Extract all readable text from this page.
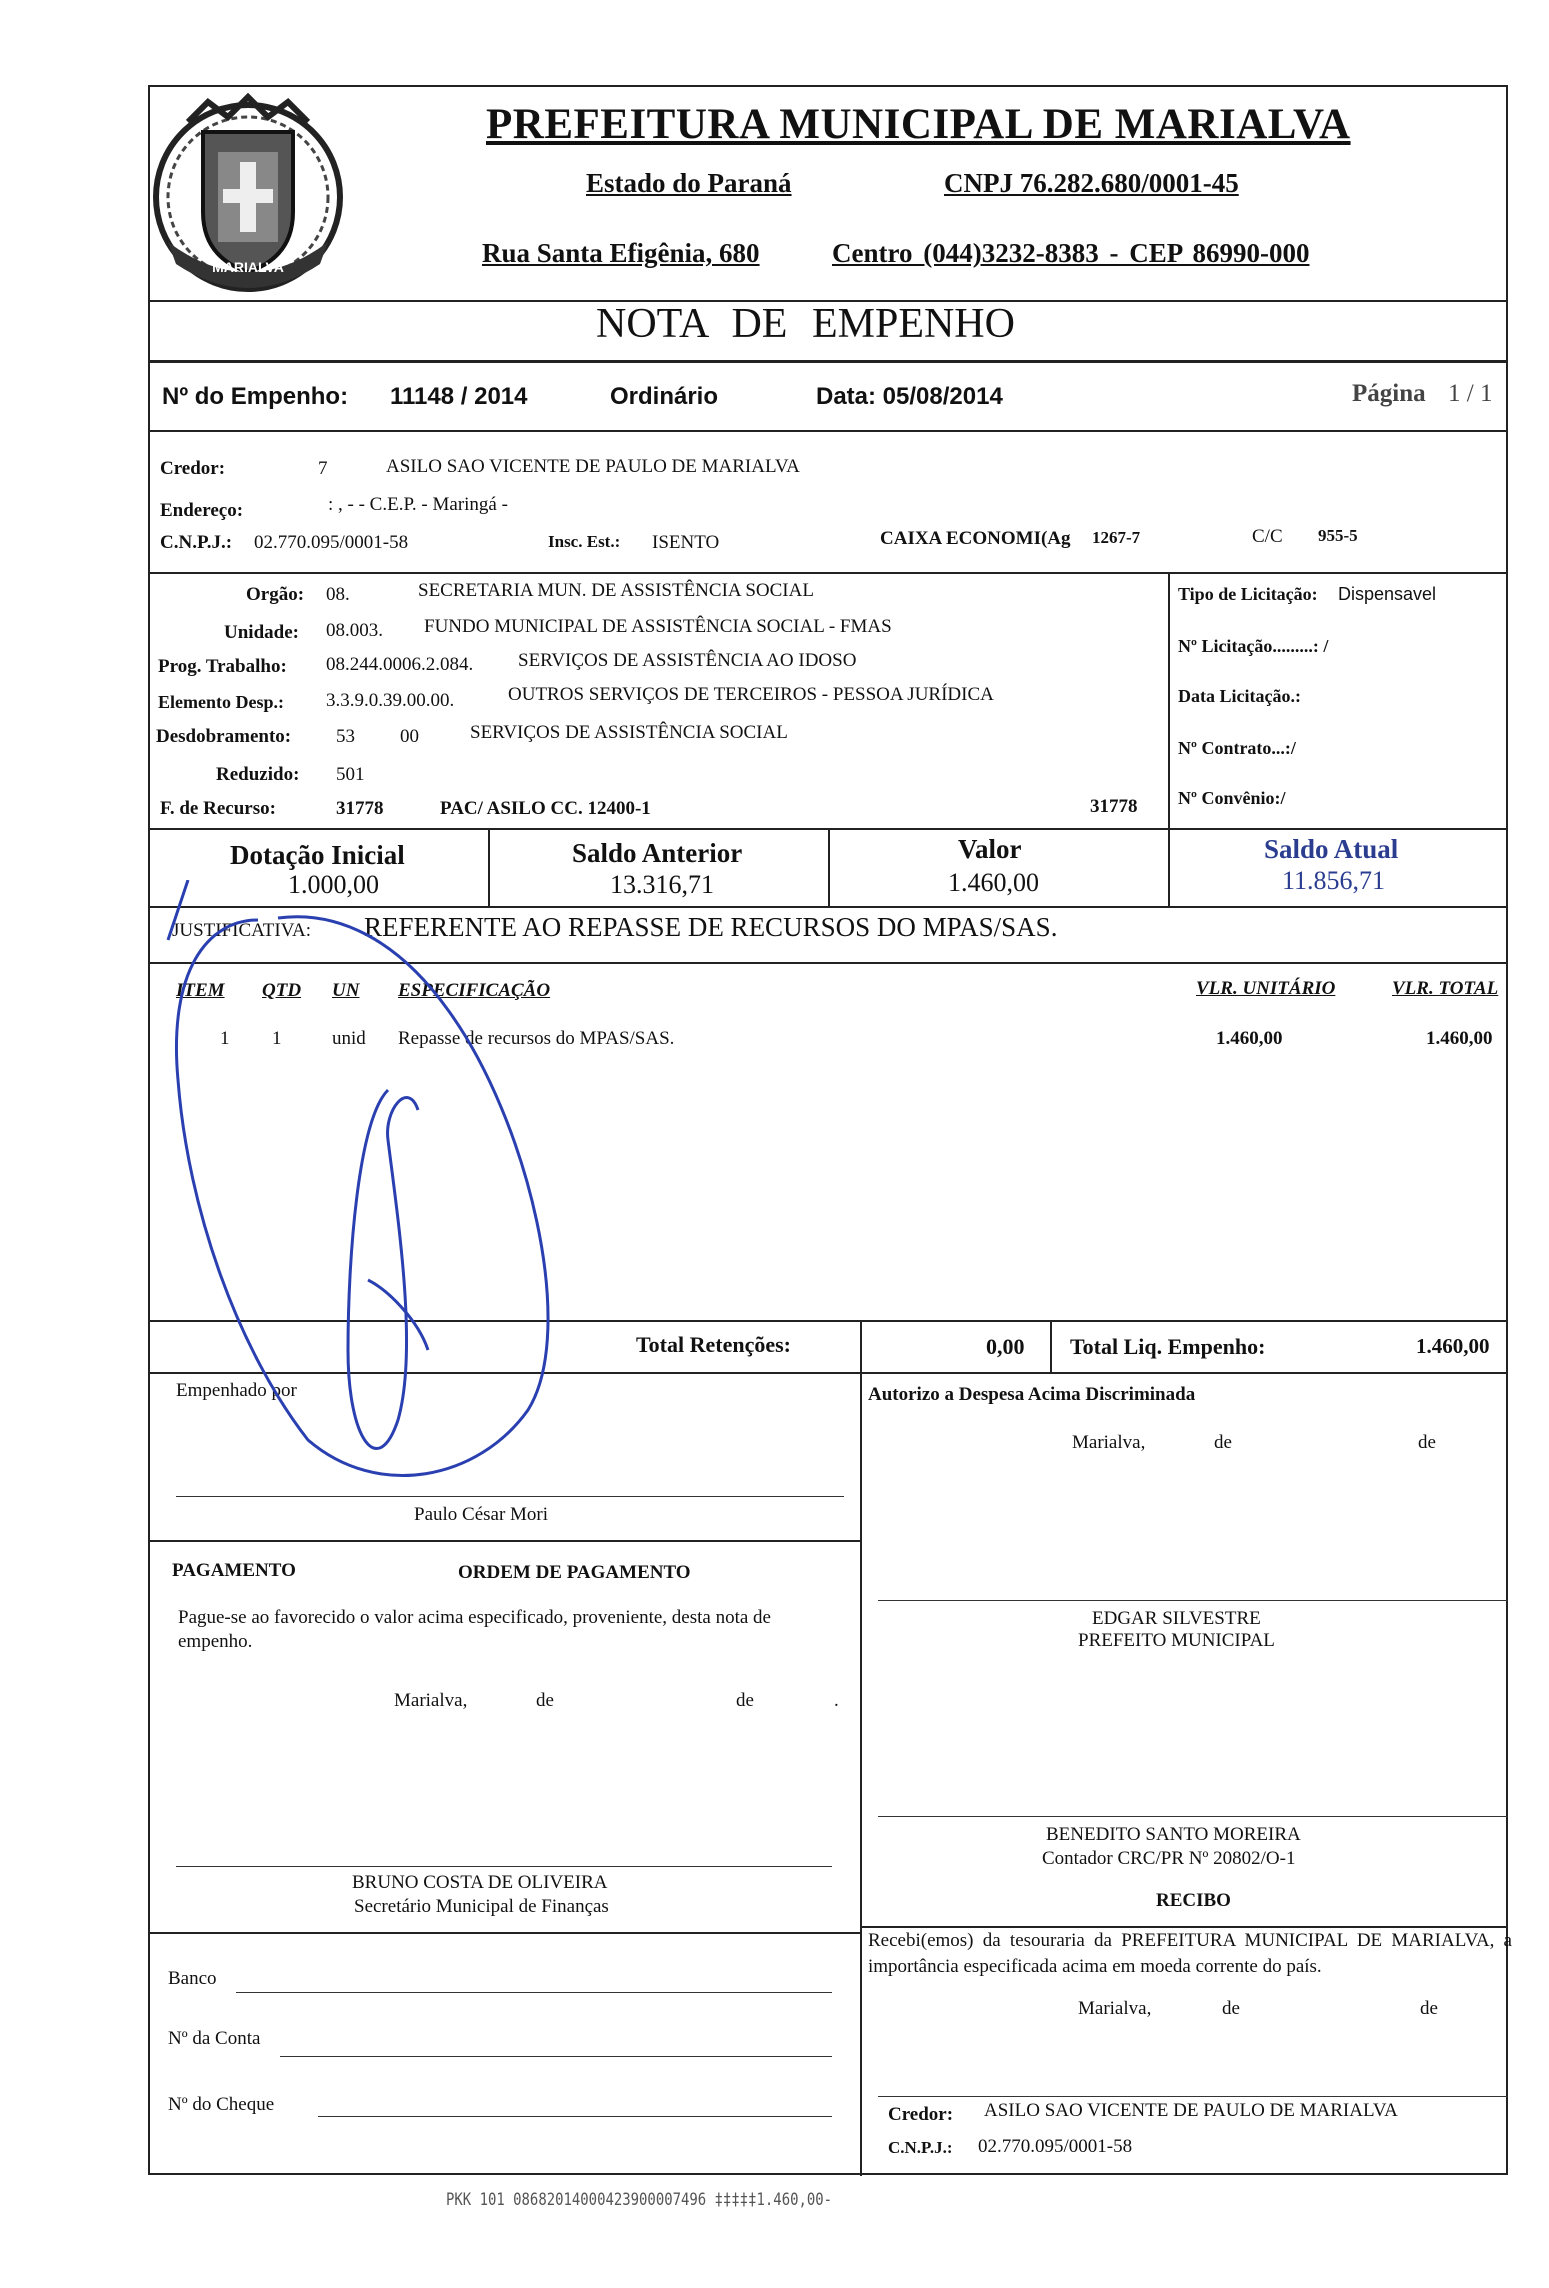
MARIALVA
PREFEITURA MUNICIPAL DE MARIALVA
Estado do Paraná	CNPJ 76.282.680/0001-45
Rua Santa Efigênia, 680	Centro (044)3232-8383 - CEP 86990-000
NOTA DE EMPENHO
Nº do Empenho: 11148 / 2014	Ordinário	Data: 05/08/2014	Página 1 / 1
Credor:	7	ASILO SAO VICENTE DE PAULO DE MARIALVA
Endereço:	: , - - C.E.P. - Maringá -
C.N.P.J.: 02.770.095/0001-58	Insc. Est.: ISENTO	CAIXA ECONOMI(Ag 1267-7	C/C 955-5
Orgão: 08.	SECRETARIA MUN. DE ASSISTÊNCIA SOCIAL
Unidade: 08.003. FUNDO MUNICIPAL DE ASSISTÊNCIA SOCIAL - FMAS
Prog. Trabalho: 08.244.0006.2.084. SERVIÇOS DE ASSISTÊNCIA AO IDOSO
Elemento Desp.: 3.3.9.0.39.00.00.	OUTROS SERVIÇOS DE TERCEIROS - PESSOA JURÍDICA
Desdobramento: 53 00	SERVIÇOS DE ASSISTÊNCIA SOCIAL
Reduzido: 501
F. de Recurso:	31778	PAC/ ASILO CC. 12400-1	31778
Tipo de Licitação: Dispensavel
Nº Licitação.........: /
Data Licitação.:
Nº Contrato...:/
Nº Convênio:/
Dotação Inicial
1.000,00
Saldo Anterior
13.316,71
Valor
1.460,00
Saldo Atual
11.856,71
JUSTIFICATIVA: REFERENTE AO REPASSE DE RECURSOS DO MPAS/SAS.
ITEM QTD UN ESPECIFICAÇÃO	VLR. UNITÁRIO	VLR. TOTAL
1 1	unid Repasse de recursos do MPAS/SAS.	1.460,00	1.460,00
Total Retenções:	0,00 Total Liq. Empenho:	1.460,00
Empenhado por
Paulo César Mori
Autorizo a Despesa Acima Discriminada
Marialva,	de	de
PAGAMENTO	ORDEM DE PAGAMENTO
Pague-se ao favorecido o valor acima especificado, proveniente, desta nota de empenho.
Marialva,	de	de	.
EDGAR SILVESTRE
PREFEITO MUNICIPAL
BENEDITO SANTO MOREIRA
Contador CRC/PR Nº 20802/O-1
BRUNO COSTA DE OLIVEIRA
Secretário Municipal de Finanças	RECIBO
Recebi(emos) da tesouraria da PREFEITURA MUNICIPAL DE MARIALVA, a importância especificada acima em moeda corrente do país.
Marialva,	de	de
Banco
Nº da Conta
Nº do Cheque	Credor: ASILO SAO VICENTE DE PAULO DE MARIALVA
C.N.P.J.: 02.770.095/0001-58
PKK 101 08682014000423900007496 ‡‡‡‡‡1.460,00-
